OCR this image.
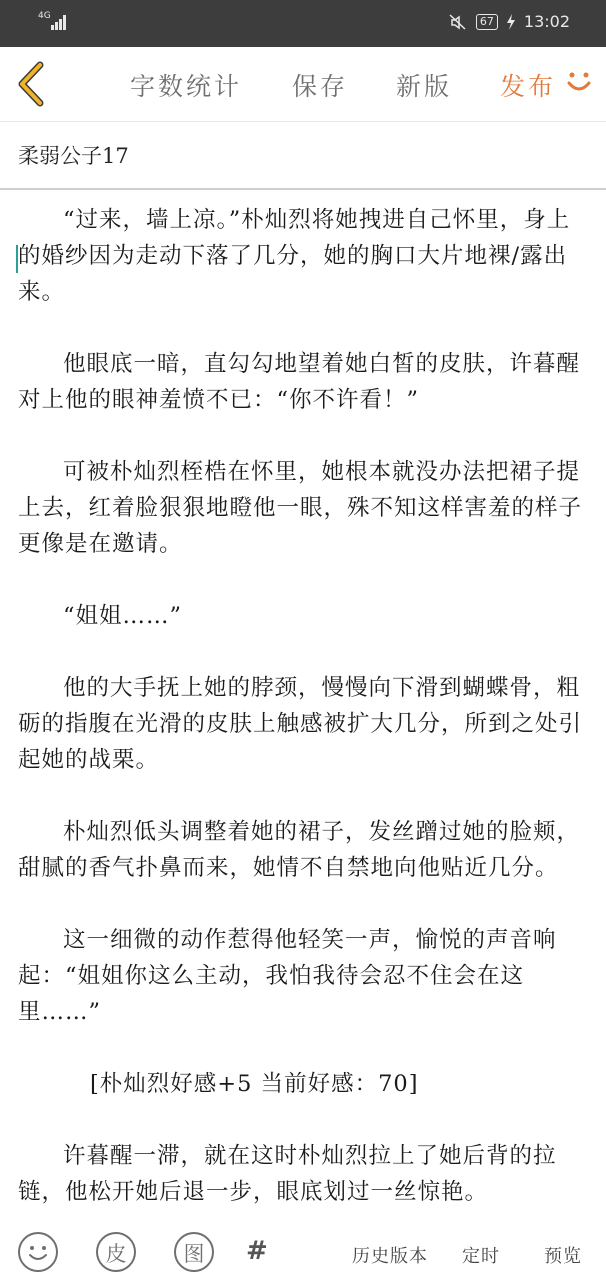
4G	67 13:02
字数统计 保存 新版 发布
柔弱公子17

“过来，墙上凉。”朴灿烈将她拽进自己怀里，身上的婚纱因为走动下落了几分，她的胸口大片地裸/露出来。

他眼底一暗，直勾勾地望着她白皙的皮肤，许暮醒对上他的眼神羞愤不已：“你不许看！”

可被朴灿烈桎梏在怀里，她根本就没办法把裙子提上去，红着脸狠狠地瞪他一眼，殊不知这样害羞的样子更像是在邀请。

“姐姐……”

他的大手抚上她的脖颈，慢慢向下滑到蝴蝶骨，粗砺的指腹在光滑的皮肤上触感被扩大几分，所到之处引起她的战栗。

朴灿烈低头调整着她的裙子，发丝蹭过她的脸颊，甜腻的香气扑鼻而来，她情不自禁地向他贴近几分。

这一细微的动作惹得他轻笑一声，愉悦的声音响起：“姐姐你这么主动，我怕我待会忍不住会在这里……”

[朴灿烈好感+5 当前好感：70]

许暮醒一滞，就在这时朴灿烈拉上了她后背的拉链，他松开她后退一步，眼底划过一丝惊艳。

皮	图	#	历史版本 定时 预览
